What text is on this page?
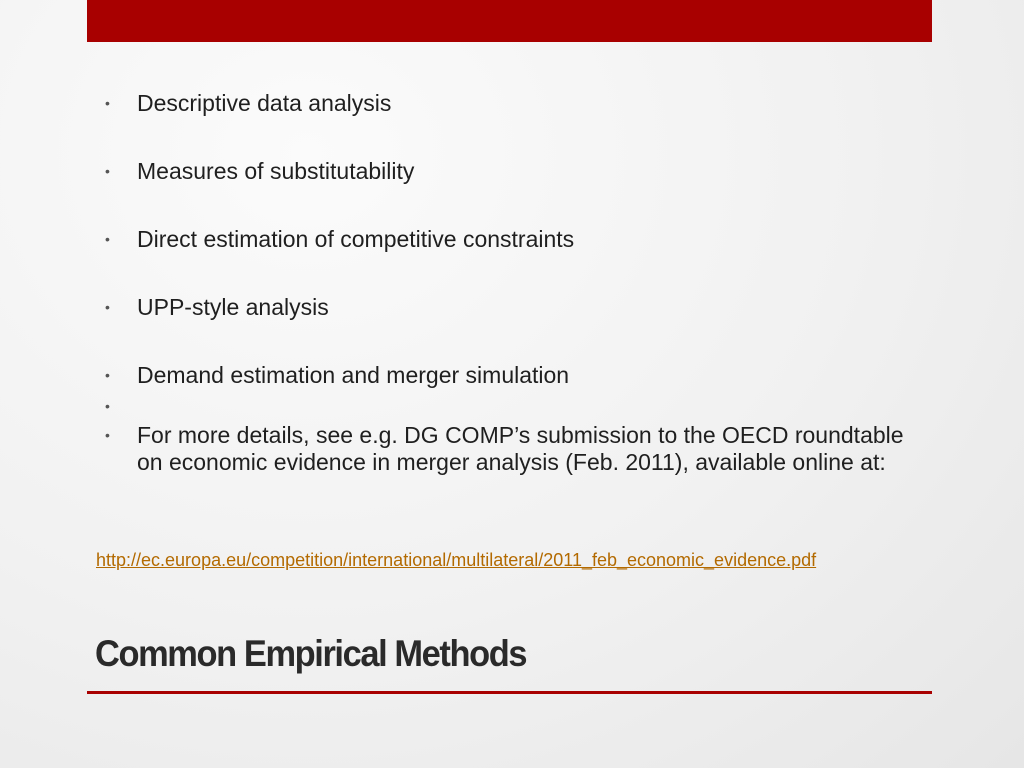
• Descriptive data analysis
• Measures of substitutability
• Direct estimation of competitive constraints
• UPP-style analysis
• Demand estimation and merger simulation
•
• For more details, see e.g. DG COMP’s submission to the OECD roundtable on economic evidence in merger analysis (Feb. 2011), available online at:
http://ec.europa.eu/competition/international/multilateral/2011_feb_economic_evidence.pdf
Common Empirical Methods
